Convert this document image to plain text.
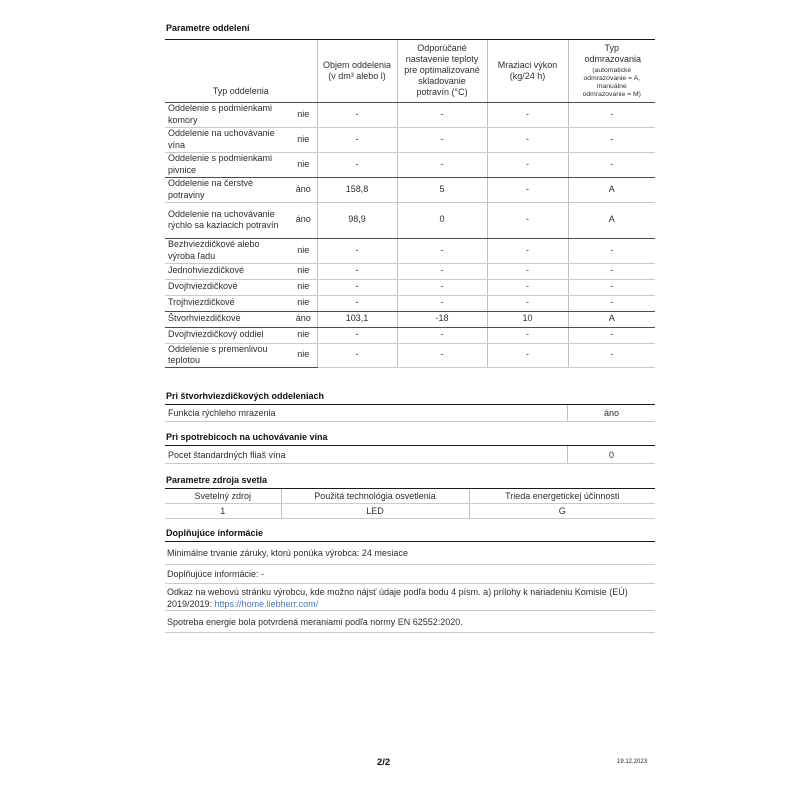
Parametre oddelení
Typ oddelenia		Objem oddelenia (v dm³ alebo l)	Odporúčané nastavenie teploty pre optimalizované skladovanie potravín (°C)	Mraziaci výkon (kg/24 h)	Typ odmrazovania
(automatické odmrazovanie = A, manuálne odmrazovanie = M)

Oddelenie s podmienkami komory	nie	-	-	-	-
Oddelenie na uchovávanie vína	nie	-	-	-	-
Oddelenie s podmienkami pivnice	nie	-	-	-	-
Oddelenie na čerstvé potraviny	áno	158,8	5	-	A
Oddelenie na uchovávanie rýchlo sa kaziacich potravín	áno	98,9	0	-	A
Bezhviezdičkové alebo výroba ľadu	nie	-	-	-	-
Jednohviezdičkové	nie	-	-	-	-
Dvojhviezdičkové	nie	-	-	-	-
Trojhviezdičkové	nie	-	-	-	-
Štvorhviezdičkové	áno	103,1	-18	10	A
Dvojhviezdičkový oddiel	nie	-	-	-	-
Oddelenie s premenlivou teplotou	nie	-	-	-	-
Pri štvorhviezdičkových oddeleniach
Funkcia rýchleho mrazenia	áno
Pri spotrebicoch na uchovávanie vína
Pocet štandardných fliaš vína	0
Parametre zdroja svetla
Svetelný zdroj	Použitá technológia osvetlenia	Trieda energetickej účinnosti
1	LED	G
Doplňujúce informácie
Minimálne trvanie záruky, ktorú ponúka výrobca: 24 mesiace
Doplňujúce informácie: -
Odkaz na webovú stránku výrobcu, kde možno nájsť údaje podľa bodu 4 písm. a) prílohy k nariadeniu Komisie (EÚ) 2019/2019: https://home.liebherr.com/
Spotreba energie bola potvrdená meraniami podľa normy EN 62552:2020.
2/2	19.12.2023
